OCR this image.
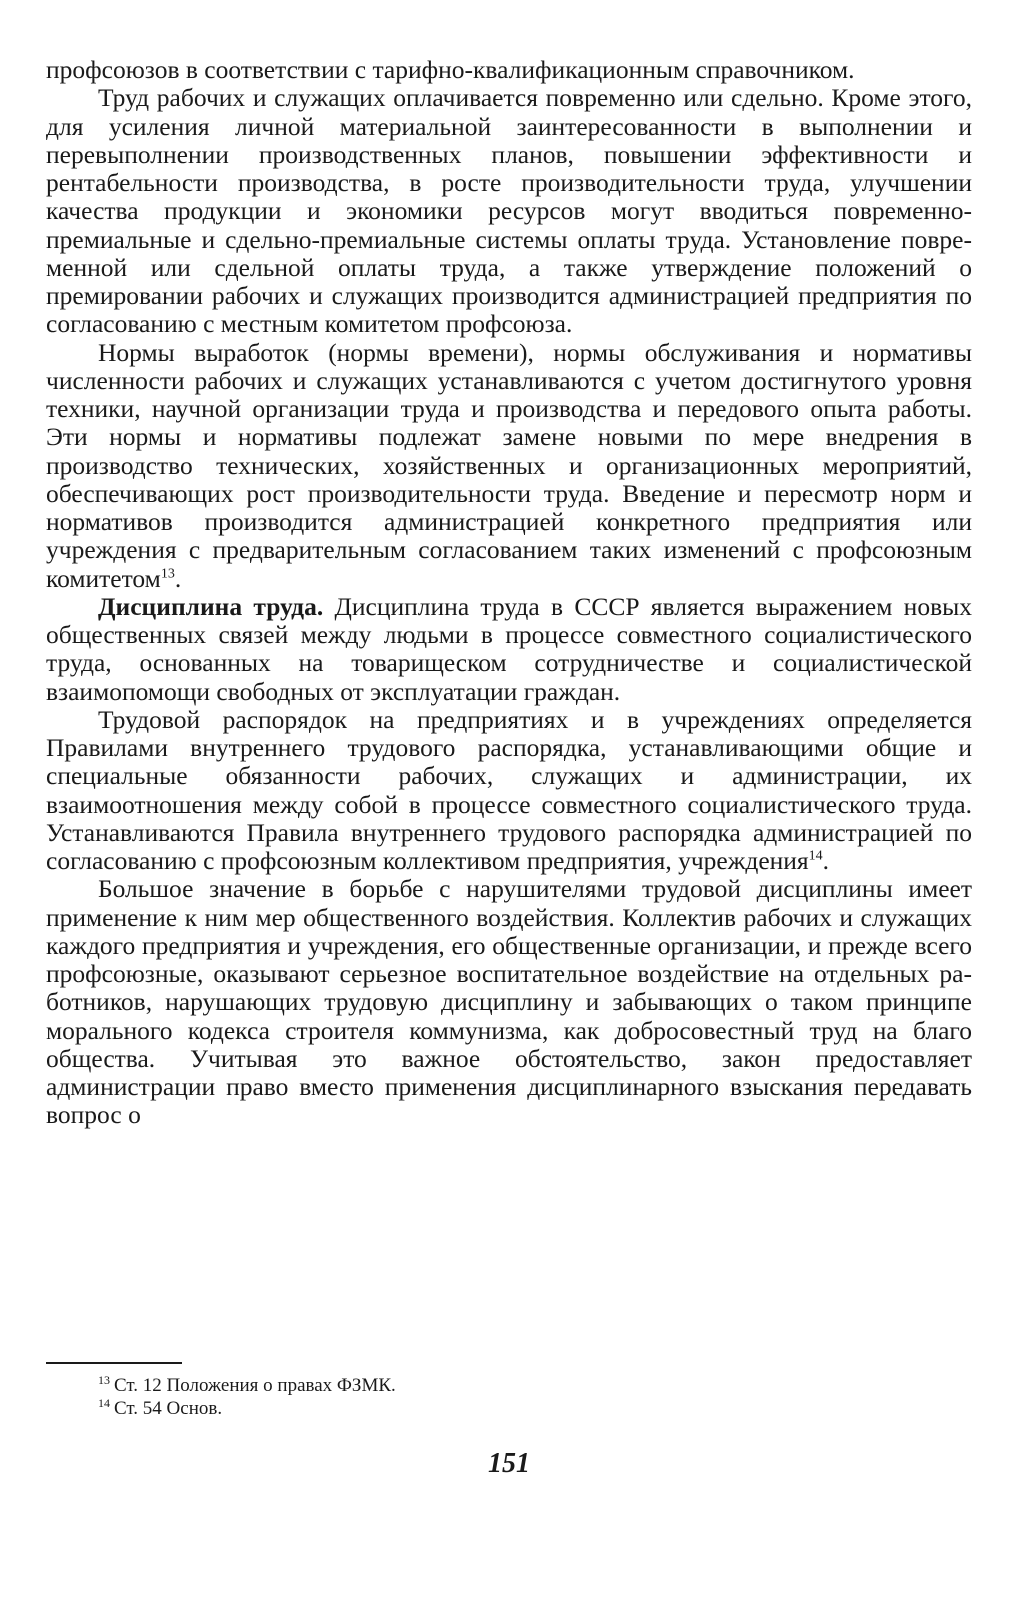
профсоюзов в соответствии с тарифно-квалификационным справочником.

Труд рабочих и служащих оплачивается повременно или сдельно. Кроме этого, для усиления личной материальной заинтересованности в выполнении и перевыполнении производственных планов, повышении эффективности и рентабельности производства, в росте производительности труда, улучшении качества продукции и экономики ресурсов могут вводиться повременно-премиальные и сдельно-премиальные системы оплаты труда. Установление повременной или сдельной оплаты труда, а также утверждение положений о премировании рабочих и служащих производится администрацией предприятия по согласованию с местным комитетом профсоюза.

Нормы выработок (нормы времени), нормы обслуживания и нормативы численности рабочих и служащих устанавливаются с учетом достигнутого уровня техники, научной организации труда и производства и передового опыта работы. Эти нормы и нормативы подлежат замене новыми по мере внедрения в производство технических, хозяйственных и организационных мероприятий, обеспечивающих рост производительности труда. Введение и пересмотр норм и нормативов производится администрацией конкретного предприятия или учреждения с предварительным согласованием таких изменений с профсоюзным комитетом$^{13}$.

Дисциплина труда. Дисциплина труда в СССР является выражением новых общественных связей между людьми в процессе совместного социалистического труда, основанных на товарищеском сотрудничестве и социалистической взаимопомощи свободных от эксплуатации граждан.

Трудовой распорядок на предприятиях и в учреждениях определяется Правилами внутреннего трудового распорядка, устанавливающими общие и специальные обязанности рабочих, служащих и администрации, их взаимоотношения между собой в процессе совместного социалистического труда. Устанавливаются Правила внутреннего трудового распорядка администрацией по согласованию с профсоюзным коллективом предприятия, учреждения$^{14}$.

Большое значение в борьбе с нарушителями трудовой дисциплины имеет применение к ним мер общественного воздействия. Коллектив рабочих и служащих каждого предприятия и учреждения, его общественные организации, и прежде всего профсоюзные, оказывают серьезное воспитательное воздействие на отдельных работников, нарушающих трудовую дисциплину и забывающих о таком принципе морального кодекса строителя коммунизма, как добросовестный труд на благо общества. Учитывая это важное обстоятельство, закон предоставляет администрации право вместо применения дисциплинарного взыскания передавать вопрос о

$^{13}$ Ст. 12 Положения о правах ФЗМК.

$^{14}$ Ст. 54 Основ.

151
